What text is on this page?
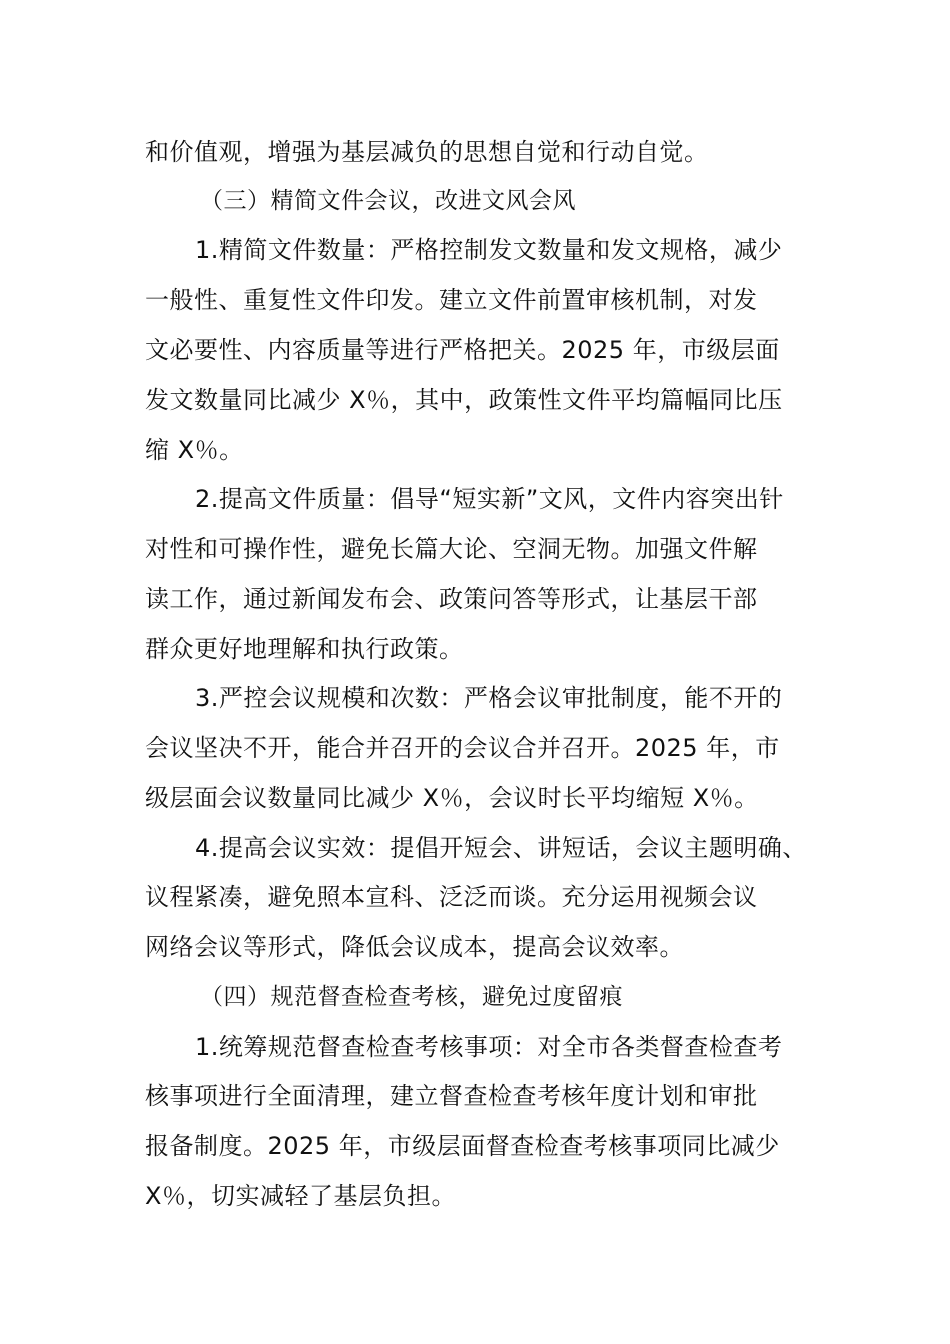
和价值观，增强为基层减负的思想自觉和行动自觉。
（三）精简文件会议，改进文风会风
1.精简文件数量：严格控制发文数量和发文规格，减少
一般性、重复性文件印发。建立文件前置审核机制，对发
文必要性、内容质量等进行严格把关。2025 年，市级层面
发文数量同比减少 X％，其中，政策性文件平均篇幅同比压
缩 X％。
2.提高文件质量：倡导“短实新”文风，文件内容突出针
对性和可操作性，避免长篇大论、空洞无物。加强文件解
读工作，通过新闻发布会、政策问答等形式，让基层干部
群众更好地理解和执行政策。
3.严控会议规模和次数：严格会议审批制度，能不开的
会议坚决不开，能合并召开的会议合并召开。2025 年，市
级层面会议数量同比减少 X％，会议时长平均缩短 X％。
4.提高会议实效：提倡开短会、讲短话，会议主题明确、
议程紧凑，避免照本宣科、泛泛而谈。充分运用视频会议
网络会议等形式，降低会议成本，提高会议效率。
（四）规范督查检查考核，避免过度留痕
1.统筹规范督查检查考核事项：对全市各类督查检查考
核事项进行全面清理，建立督查检查考核年度计划和审批
报备制度。2025 年，市级层面督查检查考核事项同比减少
X％，切实减轻了基层负担。
